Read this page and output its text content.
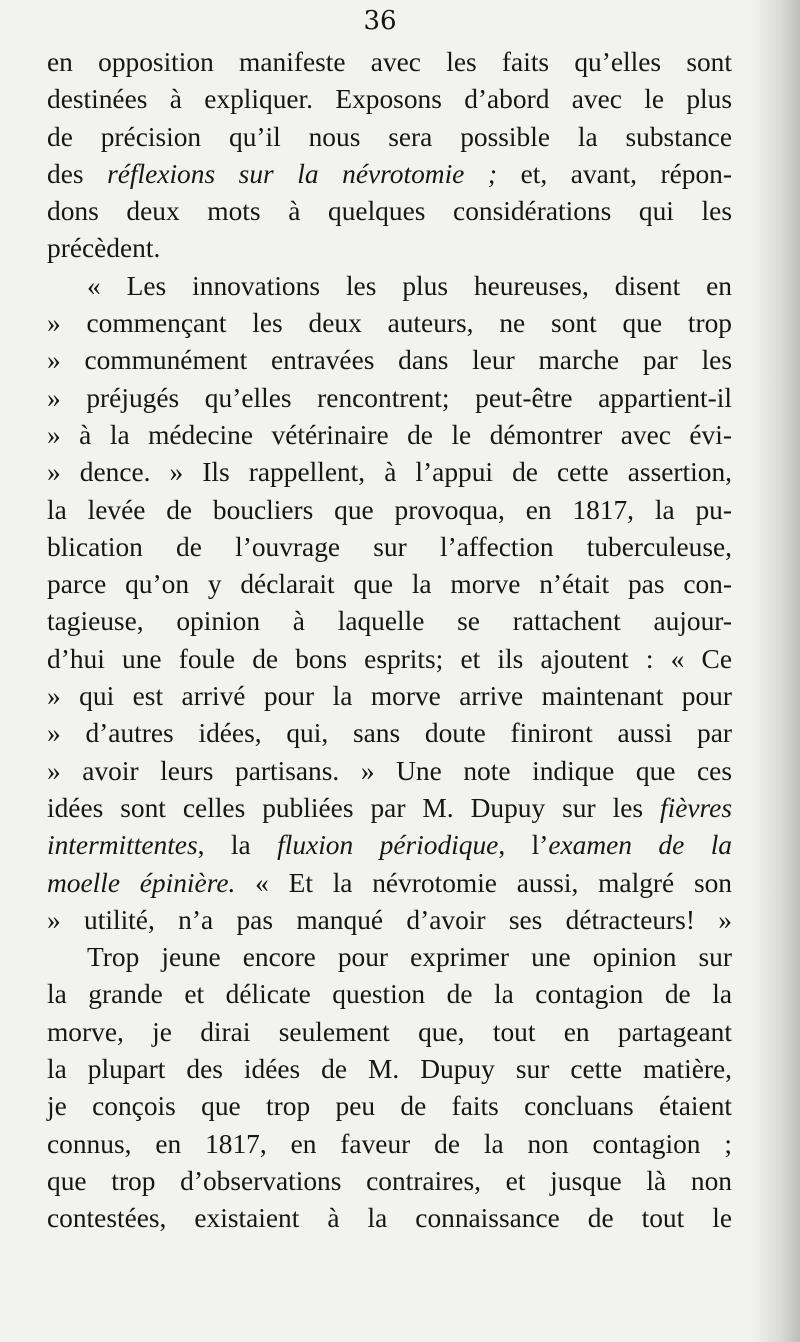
36
en opposition manifeste avec les faits qu’elles sont
destinées à expliquer. Exposons d’abord avec le plus
de précision qu’il nous sera possible la substance
des réflexions sur la névrotomie ; et, avant, répon-
dons deux mots à quelques considérations qui les
précèdent.
« Les innovations les plus heureuses, disent en
» commençant les deux auteurs, ne sont que trop
» communément entravées dans leur marche par les
» préjugés qu’elles rencontrent; peut-être appartient-il
» à la médecine vétérinaire de le démontrer avec évi-
» dence. » Ils rappellent, à l’appui de cette assertion,
la levée de boucliers que provoqua, en 1817, la pu-
blication de l’ouvrage sur l’affection tuberculeuse,
parce qu’on y déclarait que la morve n’était pas con-
tagieuse, opinion à laquelle se rattachent aujour-
d’hui une foule de bons esprits; et ils ajoutent : « Ce
» qui est arrivé pour la morve arrive maintenant pour
» d’autres idées, qui, sans doute finiront aussi par
» avoir leurs partisans. » Une note indique que ces
idées sont celles publiées par M. Dupuy sur les fièvres
intermittentes, la fluxion périodique, l’examen de la
moelle épinière. « Et la névrotomie aussi, malgré son
» utilité, n’a pas manqué d’avoir ses détracteurs! »
Trop jeune encore pour exprimer une opinion sur
la grande et délicate question de la contagion de la
morve, je dirai seulement que, tout en partageant
la plupart des idées de M. Dupuy sur cette matière,
je conçois que trop peu de faits concluans étaient
connus, en 1817, en faveur de la non contagion ;
que trop d’observations contraires, et jusque là non
contestées, existaient à la connaissance de tout le
